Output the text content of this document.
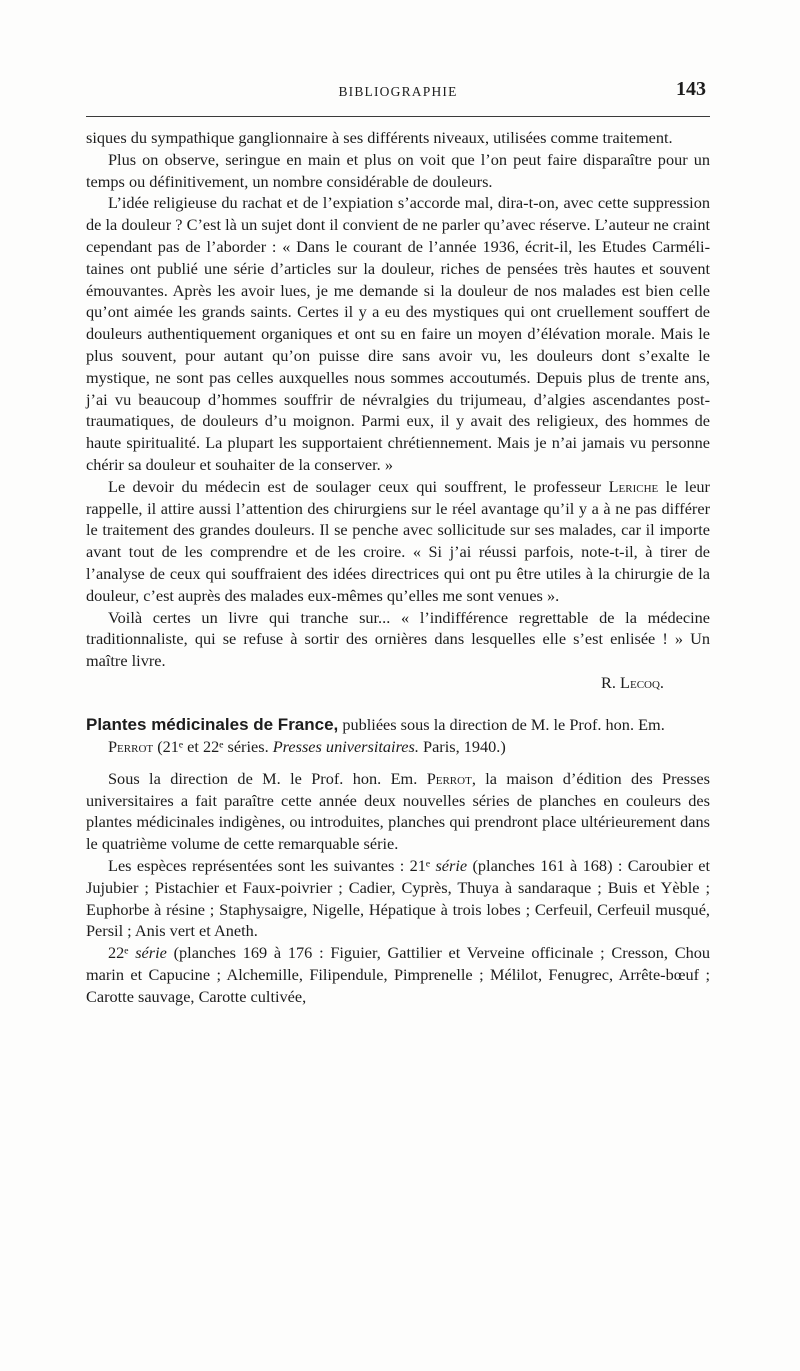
BIBLIOGRAPHIE	143

siques du sympathique ganglionnaire à ses différents niveaux, utilisées comme traitement.

Plus on observe, seringue en main et plus on voit que l’on peut faire disparaître pour un temps ou définitivement, un nombre considérable de douleurs.

L’idée religieuse du rachat et de l’expiation s’accorde mal, dira-t-on, avec cette suppression de la douleur ? C’est là un sujet dont il convient de ne parler qu’avec réserve. L’auteur ne craint cependant pas de l’aborder : « Dans le courant de l’année 1936, écrit-il, les Etudes Carmélitaines ont publié une série d’articles sur la douleur, riches de pensées très hautes et souvent émouvantes. Après les avoir lues, je me demande si la douleur de nos malades est bien celle qu’ont aimée les grands saints. Certes il y a eu des mystiques qui ont cruellement souffert de douleurs authentiquement organiques et ont su en faire un moyen d’élévation morale. Mais le plus souvent, pour autant qu’on puisse dire sans avoir vu, les douleurs dont s’exalte le mystique, ne sont pas celles auxquelles nous sommes accoutumés. Depuis plus de trente ans, j’ai vu beaucoup d’hommes souffrir de névralgies du trijumeau, d’algies ascendantes post-traumatiques, de douleurs d’u moignon. Parmi eux, il y avait des religieux, des hommes de haute spiritualité. La plupart les supportaient chrétiennement. Mais je n’ai jamais vu personne chérir sa douleur et souhaiter de la conserver. »

Le devoir du médecin est de soulager ceux qui souffrent, le professeur Leriche le leur rappelle, il attire aussi l’attention des chirurgiens sur le réel avantage qu’il y a à ne pas différer le traitement des grandes douleurs. Il se penche avec sollicitude sur ses malades, car il importe avant tout de les comprendre et de les croire. « Si j’ai réussi parfois, note-t-il, à tirer de l’analyse de ceux qui souffraient des idées directrices qui ont pu être utiles à la chirurgie de la douleur, c’est auprès des malades eux-mêmes qu’elles me sont venues ».

Voilà certes un livre qui tranche sur... « l’indifférence regrettable de la médecine traditionnaliste, qui se refuse à sortir des ornières dans lesquelles elle s’est enlisée ! » Un maître livre.

R. Lecoq.

Plantes médicinales de France, publiées sous la direction de M. le Prof. hon. Em. Perrot (21ᵉ et 22ᵉ séries. Presses universitaires. Paris, 1940.)

Sous la direction de M. le Prof. hon. Em. Perrot, la maison d’édition des Presses universitaires a fait paraître cette année deux nouvelles séries de planches en couleurs des plantes médicinales indigènes, ou introduites, planches qui prendront place ultérieurement dans le quatrième volume de cette remarquable série.

Les espèces représentées sont les suivantes : 21ᵉ série (planches 161 à 168) : Caroubier et Jujubier ; Pistachier et Faux-poivrier ; Cadier, Cyprès, Thuya à sandaraque ; Buis et Yèble ; Euphorbe à résine ; Staphysaigre, Nigelle, Hépatique à trois lobes ; Cerfeuil, Cerfeuil musqué, Persil ; Anis vert et Aneth.

22ᵉ série (planches 169 à 176 : Figuier, Gattilier et Verveine officinale ; Cresson, Chou marin et Capucine ; Alchemille, Filipendule, Pimprenelle ; Mélilot, Fenugrec, Arrête-bœuf ; Carotte sauvage, Carotte cultivée,
